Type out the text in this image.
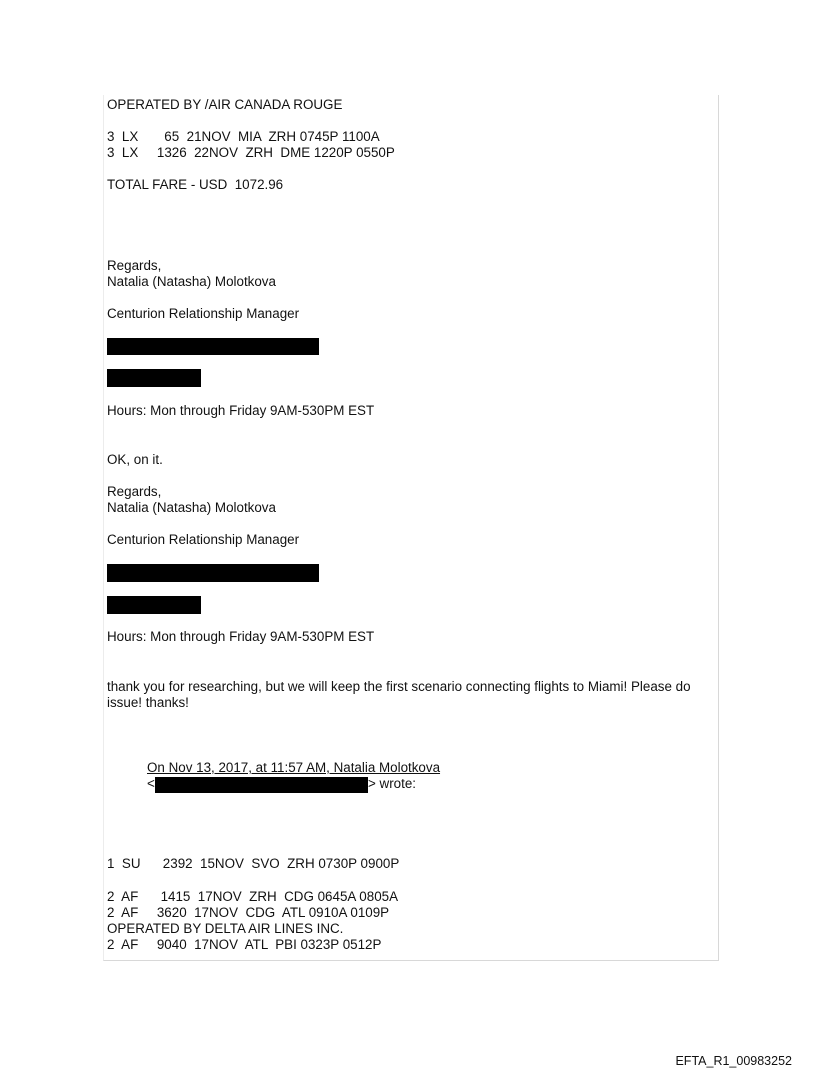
OPERATED BY /AIR CANADA ROUGE
3  LX       65  21NOV  MIA  ZRH 0745P 1100A
3  LX     1326  22NOV  ZRH  DME 1220P 0550P
TOTAL FARE - USD  1072.96
Regards,
Natalia (Natasha) Molotkova
Centurion Relationship Manager
Hours: Mon through Friday 9AM-530PM EST
OK, on it.
Regards,
Natalia (Natasha) Molotkova
Centurion Relationship Manager
Hours: Mon through Friday 9AM-530PM EST
thank you for researching, but we will keep the first scenario connecting flights to Miami! Please do issue! thanks!
On Nov 13, 2017, at 11:57 AM, Natalia Molotkova
<	> wrote:
1  SU      2392  15NOV  SVO  ZRH 0730P 0900P
2  AF      1415  17NOV  ZRH  CDG 0645A 0805A
2  AF     3620  17NOV  CDG  ATL 0910A 0109P
OPERATED BY DELTA AIR LINES INC.
2  AF     9040  17NOV  ATL  PBI 0323P 0512P
EFTA_R1_00983252
